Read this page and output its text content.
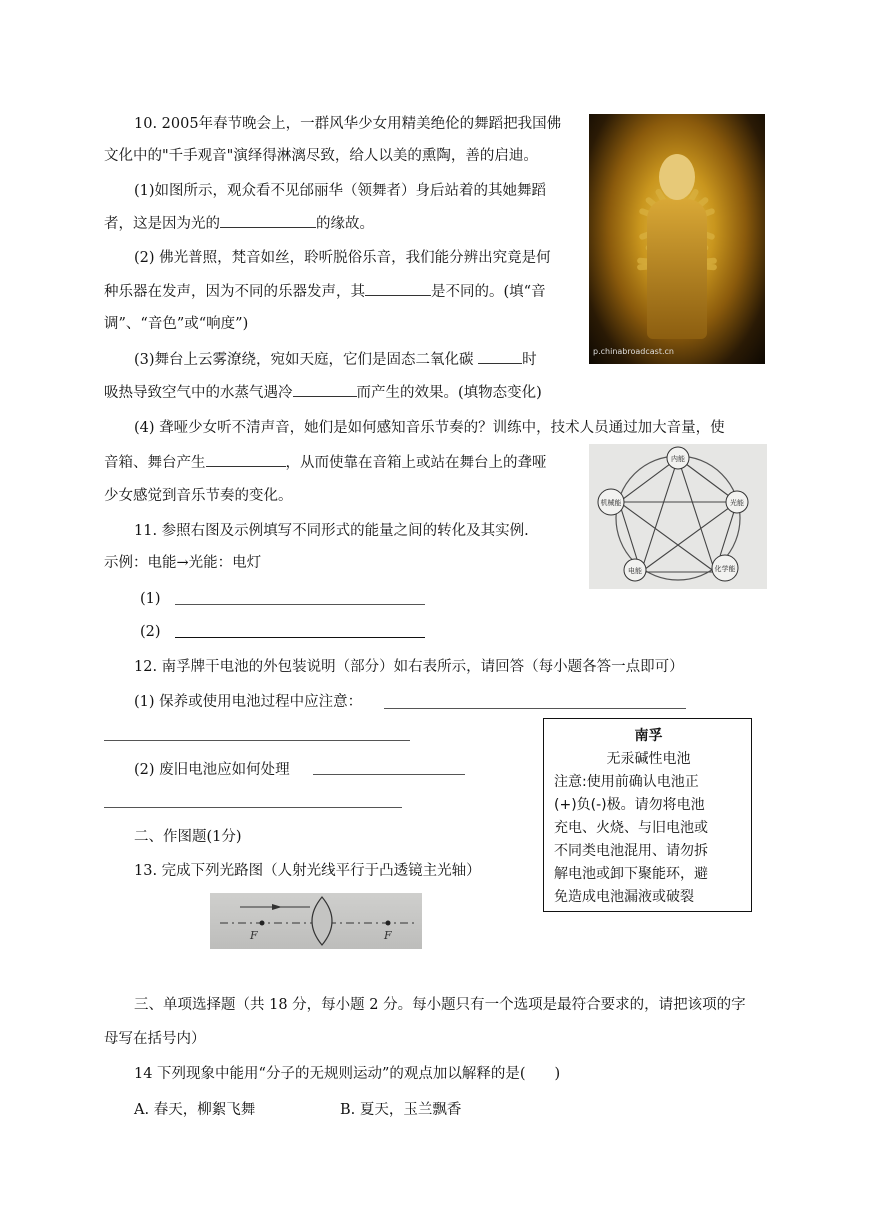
10. 2005年春节晚会上，一群风华少女用精美绝伦的舞蹈把我国佛
文化中的"千手观音"演绎得淋漓尽致，给人以美的熏陶，善的启迪。
(1)如图所示，观众看不见邰丽华（领舞者）身后站着的其她舞蹈
者，这是因为光的	的缘故。
(2) 佛光普照，梵音如丝，聆听脱俗乐音，我们能分辨出究竟是何
种乐器在发声，因为不同的乐器发声，其	是不同的。(填“音
调”、“音色”或“响度”)
(3)舞台上云雾潦绕，宛如天庭，它们是固态二氧化碳	时
吸热导致空气中的水蒸气遇冷	而产生的效果。(填物态变化)
(4) 聋哑少女听不清声音，她们是如何感知音乐节奏的？训练中，技术人员通过加大音量，使
音箱、舞台产生	，从而使靠在音箱上或站在舞台上的聋哑
少女感觉到音乐节奏的变化。
p.chinabroadcast.cn
内能
光能
化学能
电能
机械能
11. 参照右图及示例填写不同形式的能量之间的转化及其实例.
示例：电能→光能：电灯
(1)
(2)
12. 南孚牌干电池的外包装说明（部分）如右表所示，请回答（每小题各答一点即可）
(1) 保养或使用电池过程中应注意：
(2) 废旧电池应如何处理
南孚
无汞碱性电池
注意:使用前确认电池正
(+)负(-)极。请勿将电池
充电、火烧、与旧电池或
不同类电池混用、请勿拆
解电池或卸下聚能环，避
免造成电池漏液或破裂
二、作图题(1分)
13. 完成下列光路图（人射光线平行于凸透镜主光轴）
F	F
三、单项选择题（共 18 分，每小题 2 分。每小题只有一个选项是最符合要求的，请把该项的字
母写在括号内）
14 下列现象中能用“分子的无规则运动”的观点加以解释的是(　　)
A. 春天，柳絮飞舞	B. 夏天，玉兰飘香
